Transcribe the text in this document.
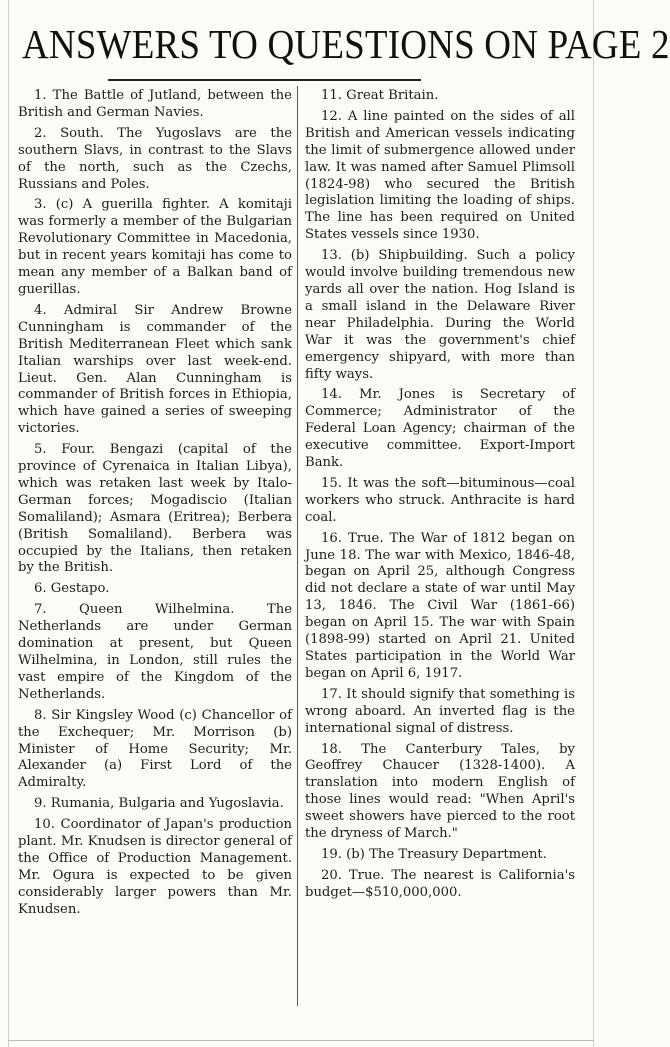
ANSWERS TO QUESTIONS ON PAGE 2

1. The Battle of Jutland, between the British and German Navies.

2. South. The Yugoslavs are the southern Slavs, in contrast to the Slavs of the north, such as the Czechs, Russians and Poles.

3. (c) A guerilla fighter. A komitaji was formerly a member of the Bulgarian Revolutionary Committee in Macedonia, but in recent years komitaji has come to mean any member of a Balkan band of guerillas.

4. Admiral Sir Andrew Browne Cunningham is commander of the British Mediterranean Fleet which sank Italian warships over last week-end. Lieut. Gen. Alan Cunningham is commander of British forces in Ethiopia, which have gained a series of sweeping victories.

5. Four. Bengazi (capital of the province of Cyrenaica in Italian Libya), which was retaken last week by Italo-German forces; Mogadiscio (Italian Somaliland); Asmara (Eritrea); Berbera (British Somaliland). Berbera was occupied by the Italians, then retaken by the British.

6. Gestapo.

7. Queen Wilhelmina. The Netherlands are under German domination at present, but Queen Wilhelmina, in London, still rules the vast empire of the Kingdom of the Netherlands.

8. Sir Kingsley Wood (c) Chancellor of the Exchequer; Mr. Morrison (b) Minister of Home Security; Mr. Alexander (a) First Lord of the Admiralty.

9. Rumania, Bulgaria and Yugoslavia.

10. Coordinator of Japan's production plant. Mr. Knudsen is director general of the Office of Production Management. Mr. Ogura is expected to be given considerably larger powers than Mr. Knudsen.

11. Great Britain.

12. A line painted on the sides of all British and American vessels indicating the limit of submergence allowed under law. It was named after Samuel Plimsoll (1824-98) who secured the British legislation limiting the loading of ships. The line has been required on United States vessels since 1930.

13. (b) Shipbuilding. Such a policy would involve building tremendous new yards all over the nation. Hog Island is a small island in the Delaware River near Philadelphia. During the World War it was the government's chief emergency shipyard, with more than fifty ways.

14. Mr. Jones is Secretary of Commerce; Administrator of the Federal Loan Agency; chairman of the executive committee. Export-Import Bank.

15. It was the soft—bituminous—coal workers who struck. Anthracite is hard coal.

16. True. The War of 1812 began on June 18. The war with Mexico, 1846-48, began on April 25, although Congress did not declare a state of war until May 13, 1846. The Civil War (1861-66) began on April 15. The war with Spain (1898-99) started on April 21. United States participation in the World War began on April 6, 1917.

17. It should signify that something is wrong aboard. An inverted flag is the international signal of distress.

18. The Canterbury Tales, by Geoffrey Chaucer (1328-1400). A translation into modern English of those lines would read: "When April's sweet showers have pierced to the root the dryness of March."

19. (b) The Treasury Department.

20. True. The nearest is California's budget—$510,000,000.
